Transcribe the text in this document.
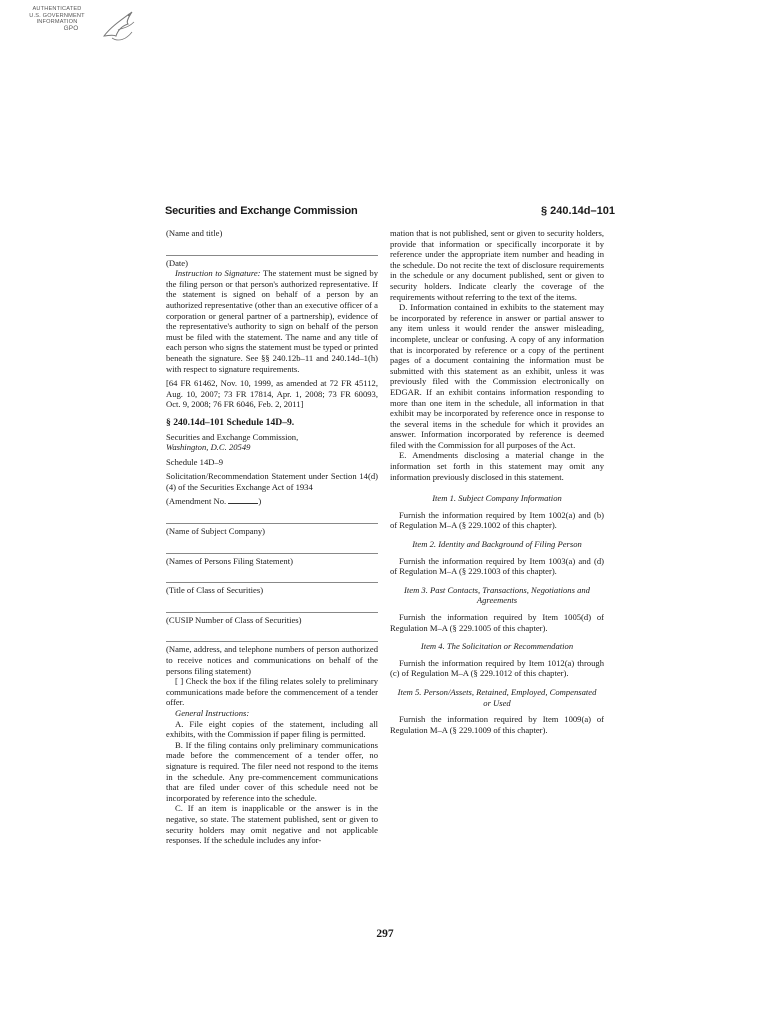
AUTHENTICATED
U.S. GOVERNMENT
INFORMATION

GPO
Securities and Exchange Commission	§ 240.14d–101

(Name and title)

(Date)

Instruction to Signature: The statement must be signed by the filing person or that person's authorized representative. If the statement is signed on behalf of a person by an authorized representative (other than an executive officer of a corporation or general partner of a partnership), evidence of the representative's authority to sign on behalf of the person must be filed with the statement. The name and any title of each person who signs the statement must be typed or printed beneath the signature. See §§ 240.12b–11 and 240.14d–1(h) with respect to signature requirements.

[64 FR 61462, Nov. 10, 1999, as amended at 72 FR 45112, Aug. 10, 2007; 73 FR 17814, Apr. 1, 2008; 73 FR 60093, Oct. 9, 2008; 76 FR 6046, Feb. 2, 2011]

§ 240.14d–101 Schedule 14D–9.

Securities and Exchange Commission,

Washington, D.C. 20549

Schedule 14D–9

Solicitation/Recommendation Statement under Section 14(d)(4) of the Securities Exchange Act of 1934

(Amendment No.	)

(Name of Subject Company)

(Names of Persons Filing Statement)

(Title of Class of Securities)

(CUSIP Number of Class of Securities)

(Name, address, and telephone numbers of person authorized to receive notices and communications on behalf of the persons filing statement)

[ ] Check the box if the filing relates solely to preliminary communications made before the commencement of a tender offer.

General Instructions:

A. File eight copies of the statement, including all exhibits, with the Commission if paper filing is permitted.

B. If the filing contains only preliminary communications made before the commencement of a tender offer, no signature is required. The filer need not respond to the items in the schedule. Any pre-commencement communications that are filed under cover of this schedule need not be incorporated by reference into the schedule.

C. If an item is inapplicable or the answer is in the negative, so state. The statement published, sent or given to security holders may omit negative and not applicable responses. If the schedule includes any infor-

mation that is not published, sent or given to security holders, provide that information or specifically incorporate it by reference under the appropriate item number and heading in the schedule. Do not recite the text of disclosure requirements in the schedule or any document published, sent or given to security holders. Indicate clearly the coverage of the requirements without referring to the text of the items.

D. Information contained in exhibits to the statement may be incorporated by reference in answer or partial answer to any item unless it would render the answer misleading, incomplete, unclear or confusing. A copy of any information that is incorporated by reference or a copy of the pertinent pages of a document containing the information must be submitted with this statement as an exhibit, unless it was previously filed with the Commission electronically on EDGAR. If an exhibit contains information responding to more than one item in the schedule, all information in that exhibit may be incorporated by reference once in response to the several items in the schedule for which it provides an answer. Information incorporated by reference is deemed filed with the Commission for all purposes of the Act.

E. Amendments disclosing a material change in the information set forth in this statement may omit any information previously disclosed in this statement.

Item 1. Subject Company Information

Furnish the information required by Item 1002(a) and (b) of Regulation M–A (§ 229.1002 of this chapter).

Item 2. Identity and Background of Filing Person

Furnish the information required by Item 1003(a) and (d) of Regulation M–A (§ 229.1003 of this chapter).

Item 3. Past Contacts, Transactions, Negotiations and Agreements

Furnish the information required by Item 1005(d) of Regulation M–A (§ 229.1005 of this chapter).

Item 4. The Solicitation or Recommendation

Furnish the information required by Item 1012(a) through (c) of Regulation M–A (§ 229.1012 of this chapter).

Item 5. Person/Assets, Retained, Employed, Compensated or Used

Furnish the information required by Item 1009(a) of Regulation M–A (§ 229.1009 of this chapter).

297
